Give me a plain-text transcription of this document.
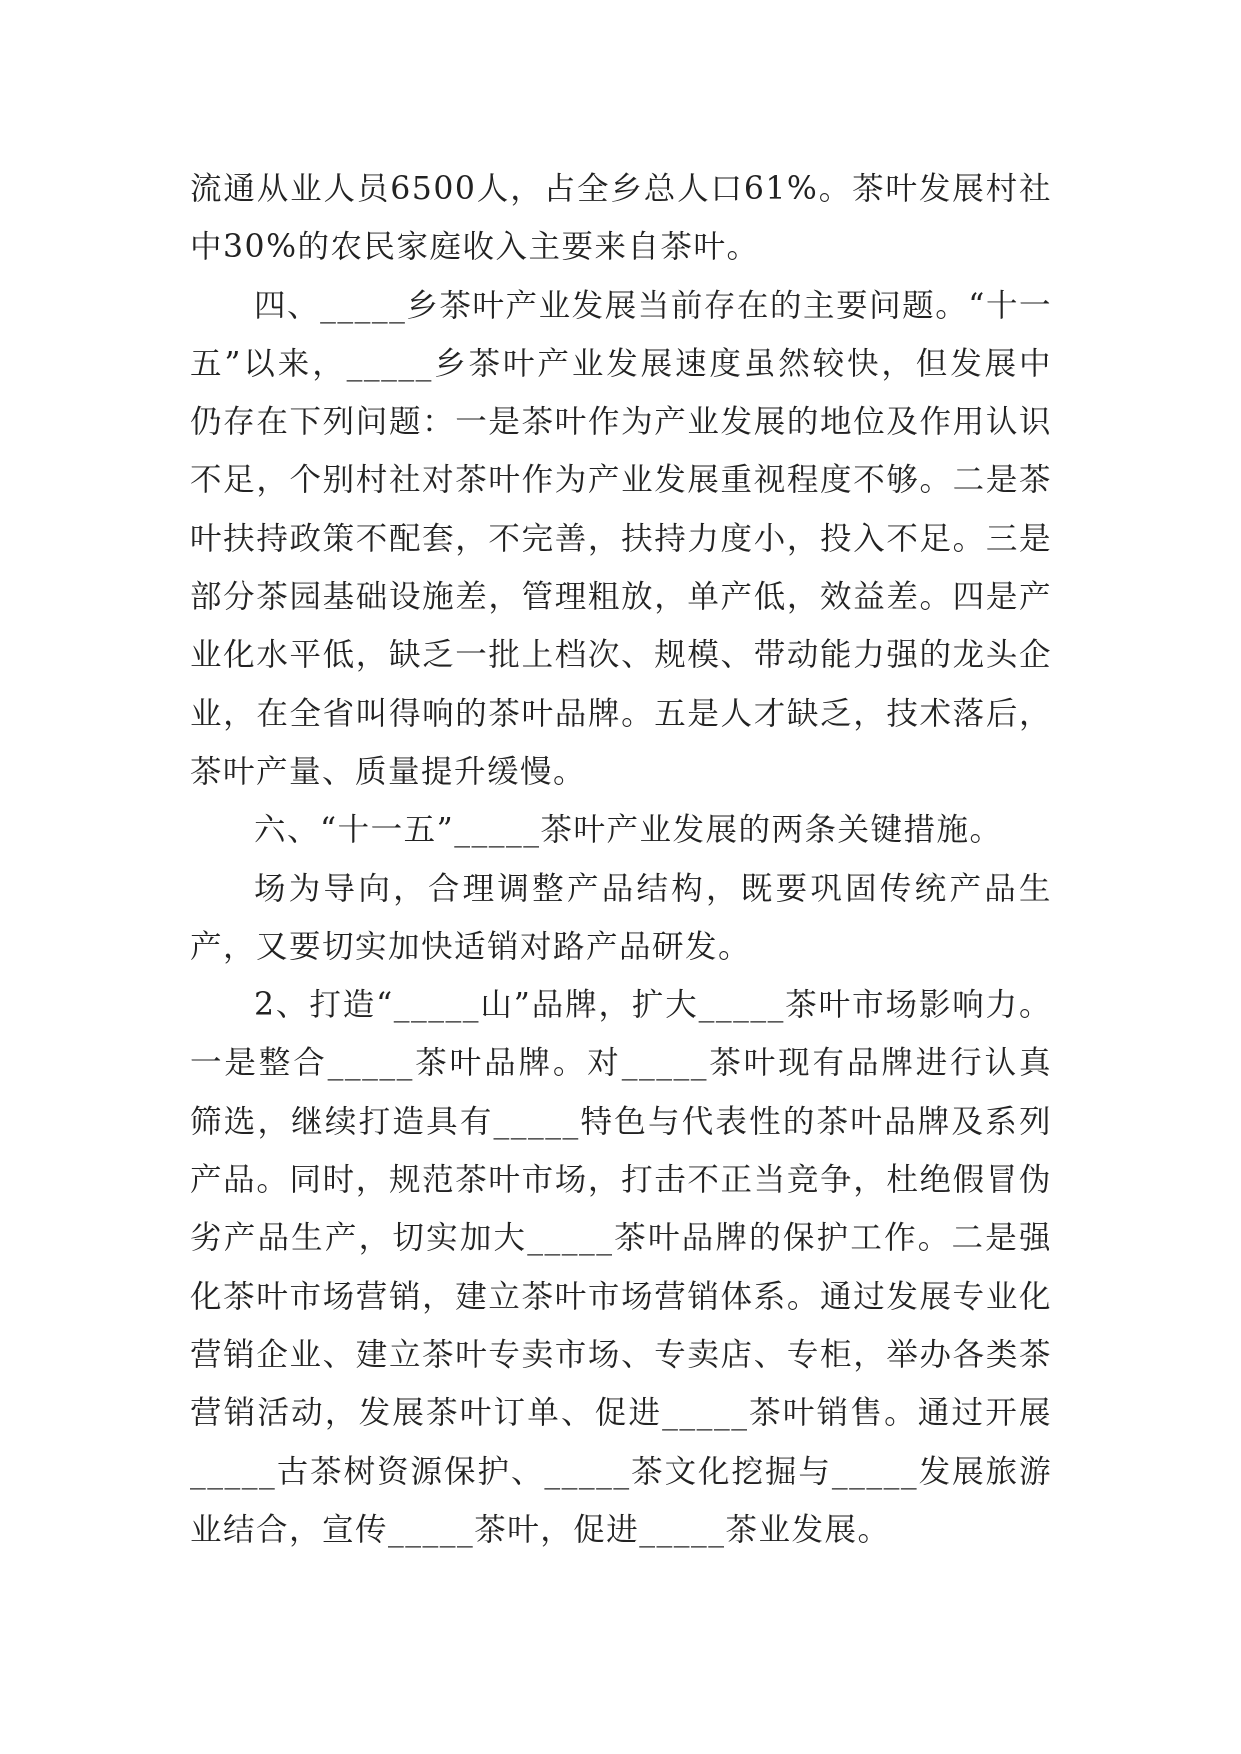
流通从业人员6500人，占全乡总人口61%。茶叶发展村社中30%的农民家庭收入主要来自茶叶。

四、_____乡茶叶产业发展当前存在的主要问题。“十一五”以来，_____乡茶叶产业发展速度虽然较快，但发展中仍存在下列问题：一是茶叶作为产业发展的地位及作用认识不足，个别村社对茶叶作为产业发展重视程度不够。二是茶叶扶持政策不配套，不完善，扶持力度小，投入不足。三是部分茶园基础设施差，管理粗放，单产低，效益差。四是产业化水平低，缺乏一批上档次、规模、带动能力强的龙头企业，在全省叫得响的茶叶品牌。五是人才缺乏，技术落后，茶叶产量、质量提升缓慢。

六、“十一五”_____茶叶产业发展的两条关键措施。

场为导向，合理调整产品结构，既要巩固传统产品生产，又要切实加快适销对路产品研发。

2、打造“_____山”品牌，扩大_____茶叶市场影响力。一是整合_____茶叶品牌。对_____茶叶现有品牌进行认真筛选，继续打造具有_____特色与代表性的茶叶品牌及系列产品。同时，规范茶叶市场，打击不正当竞争，杜绝假冒伪劣产品生产，切实加大_____茶叶品牌的保护工作。二是强化茶叶市场营销，建立茶叶市场营销体系。通过发展专业化营销企业、建立茶叶专卖市场、专卖店、专柜，举办各类茶营销活动，发展茶叶订单、促进_____茶叶销售。通过开展_____古茶树资源保护、_____茶文化挖掘与_____发展旅游业结合，宣传_____茶叶，促进_____茶业发展。
